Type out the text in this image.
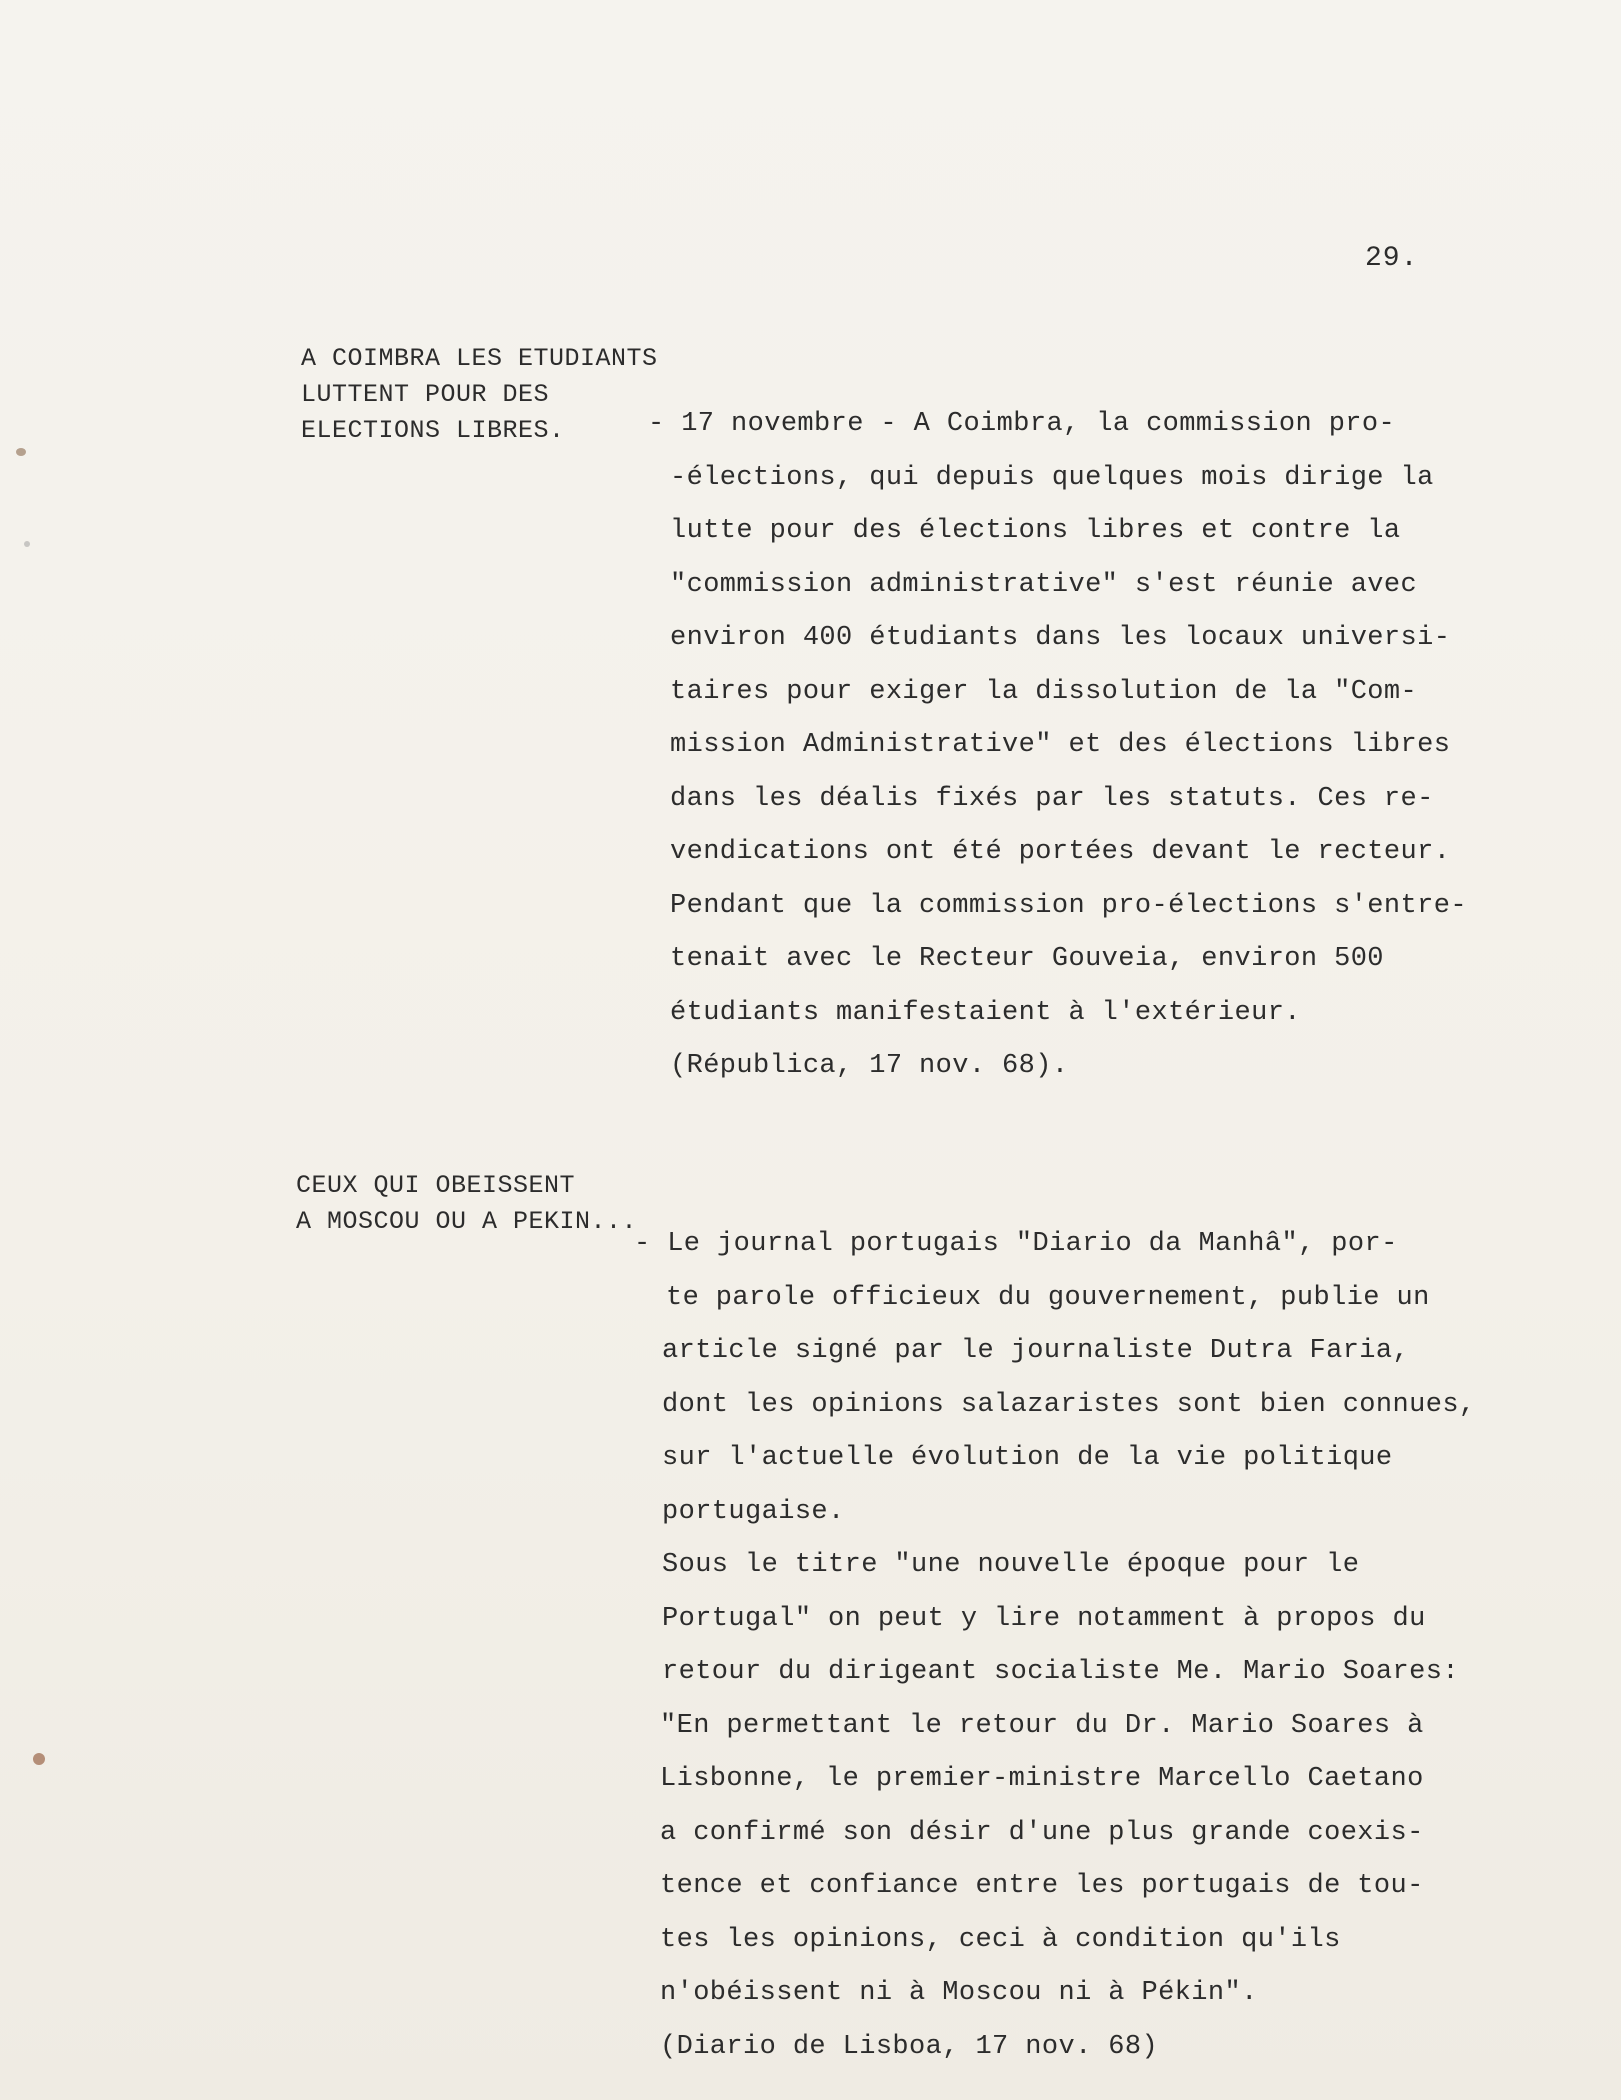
29.
A COIMBRA LES ETUDIANTS
LUTTENT POUR DES
ELECTIONS LIBRES.	- 17 novembre - A Coimbra, la commission pro-
-élections, qui depuis quelques mois dirige la
lutte pour des élections libres et contre la
"commission administrative" s'est réunie avec
environ 400 étudiants dans les locaux universi-
taires pour exiger la dissolution de la "Com-
mission Administrative" et des élections libres
dans les déalis fixés par les statuts. Ces re-
vendications ont été portées devant le recteur.
Pendant que la commission pro-élections s'entre-
tenait avec le Recteur Gouveia, environ 500
étudiants manifestaient à l'extérieur.
(Républica, 17 nov. 68).
CEUX QUI OBEISSENT
A MOSCOU OU A PEKIN...
- Le journal portugais "Diario da Manhâ", por-
te parole officieux du gouvernement, publie un
article signé par le journaliste Dutra Faria,
dont les opinions salazaristes sont bien connues,
sur l'actuelle évolution de la vie politique
portugaise.
Sous le titre "une nouvelle époque pour le
Portugal" on peut y lire notamment à propos du
retour du dirigeant socialiste Me. Mario Soares:
"En permettant le retour du Dr. Mario Soares à
Lisbonne, le premier-ministre Marcello Caetano
a confirmé son désir d'une plus grande coexis-
tence et confiance entre les portugais de tou-
tes les opinions, ceci à condition qu'ils
n'obéissent ni à Moscou ni à Pékin".
(Diario de Lisboa, 17 nov. 68)
